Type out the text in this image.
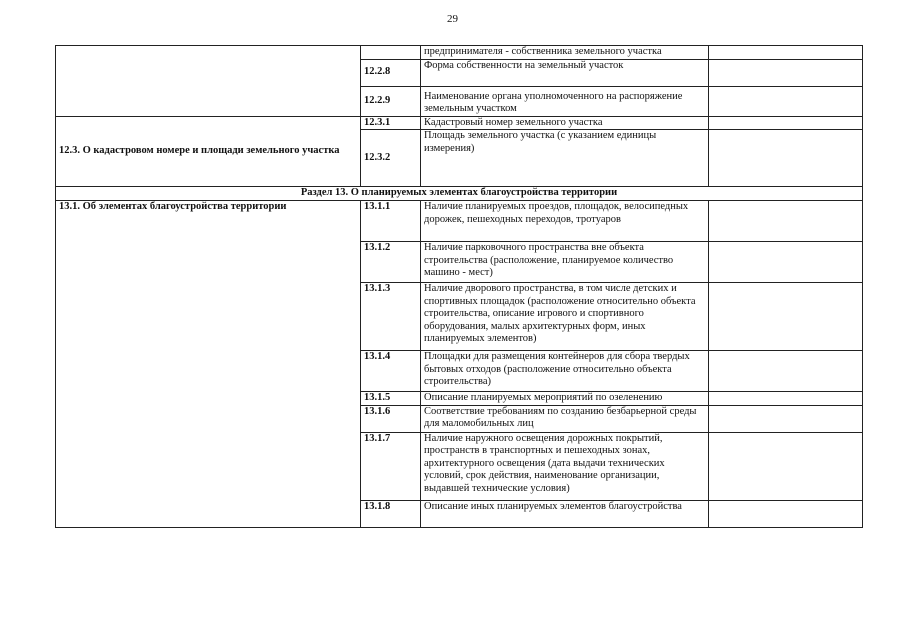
29
		предпринимателя - собственника земельного участка	
	12.2.8	Форма собственности на земельный участок	
	12.2.9	Наименование органа уполномоченного на распоряжение земельным участком	
12.3. О кадастровом номере и площади земельного участка	12.3.1	Кадастровый номер земельного участка	
	12.3.2	Площадь земельного участка (с указанием единицы измерения)	
Раздел 13. О планируемых элементах благоустройства территории			
13.1. Об элементах благоустройства территории	13.1.1	Наличие планируемых проездов, площадок, велосипедных дорожек, пешеходных переходов, тротуаров	
	13.1.2	Наличие парковочного пространства вне объекта строительства (расположение, планируемое количество машино - мест)	
	13.1.3	Наличие дворового пространства, в том числе детских и спортивных площадок (расположение относительно объекта строительства, описание игрового и спортивного оборудования, малых архитектурных форм, иных планируемых элементов)	
	13.1.4	Площадки для размещения контейнеров для сбора твердых бытовых отходов (расположение относительно объекта строительства)	
	13.1.5	Описание планируемых мероприятий по озеленению	
	13.1.6	Соответствие требованиям по созданию безбарьерной среды для маломобильных лиц	
	13.1.7	Наличие наружного освещения дорожных покрытий, пространств в транспортных и пешеходных зонах, архитектурного освещения (дата выдачи технических условий, срок действия, наименование организации, выдавшей технические условия)	
	13.1.8	Описание иных планируемых элементов благоустройства	
